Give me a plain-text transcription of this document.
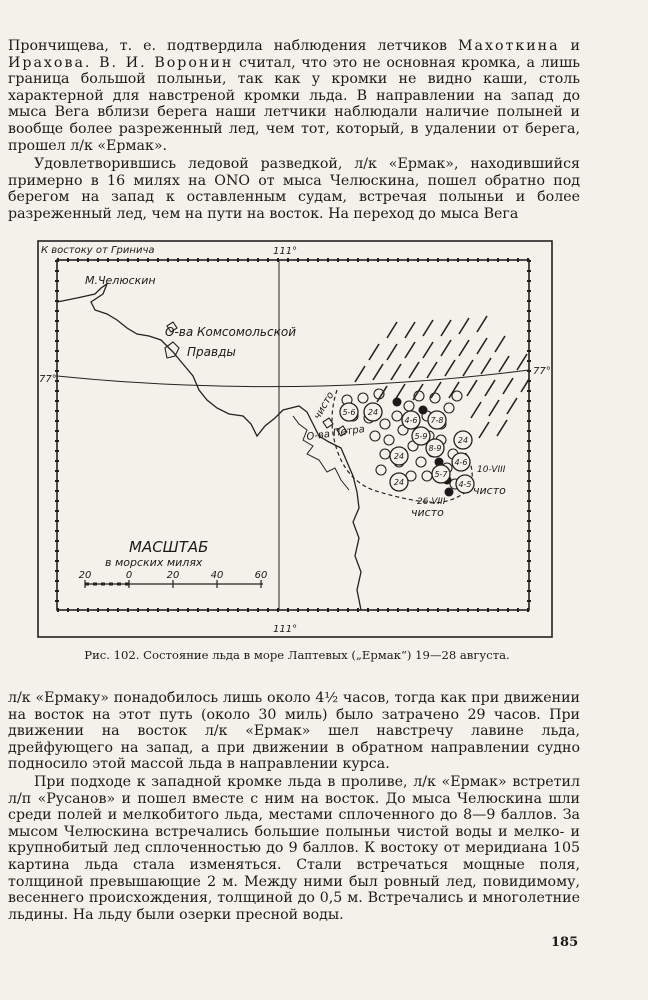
Прончищева, т. е. подтвердила наблюдения летчиков Махоткина и Ирахова. В. И. Воронин считал, что это не основная кромка, а лишь граница большой полыньи, так как у кромки не видно каши, столь характерной для навстреной кромки льда. В направлении на запад до мыса Вега вблизи берега наши летчики наблюдали наличие полыней и вообще более разреженный лед, чем тот, который, в удалении от берега, прошел л/к «Ермак».

Удовлетворившись ледовой разведкой, л/к «Ермак», находившийся примерно в 16 милях на ONO от мыса Челюскина, пошел обратно под берегом на запад к оставленным судам, встречая полыньи и более разреженный лед, чем на пути на восток. На переход до мыса Вега

5-6 24
4-6 7-8
5-9
8-9
24
24
4-6
5-7
24	4-5
К востоку от Гринича	111°
111°
77°
77°
М.Челюскин
О-ва Комсомольской
Правды
О-ва Петра
чисто
чисто
чисто
10-VIII
26-VIII
МАСШТАБ
в морских милях
20	0	20	40	60

Рис. 102. Состояние льда в море Лаптевых („Ермак“) 19—28 августа.

л/к «Ермаку» понадобилось лишь около 4½ часов, тогда как при движении на восток на этот путь (около 30 миль) было затрачено 29 часов. При движении на восток л/к «Ермак» шел навстречу лавине льда, дрейфующего на запад, а при движении в обратном направлении судно подносило этой массой льда в направлении курса.

При подходе к западной кромке льда в проливе, л/к «Ермак» встретил л/п «Русанов» и пошел вместе с ним на восток. До мыса Челюскина шли среди полей и мелкобитого льда, местами сплоченного до 8—9 баллов. За мысом Челюскина встречались большие полыньи чистой воды и мелко- и крупнобитый лед сплоченностью до 9 баллов. К востоку от меридиана 105 картина льда стала изменяться. Стали встречаться мощные поля, толщиной превышающие 2 м. Между ними был ровный лед, повидимому, весеннего происхождения, толщиной до 0,5 м. Встречались и многолетние льдины. На льду были озерки пресной воды.

185
